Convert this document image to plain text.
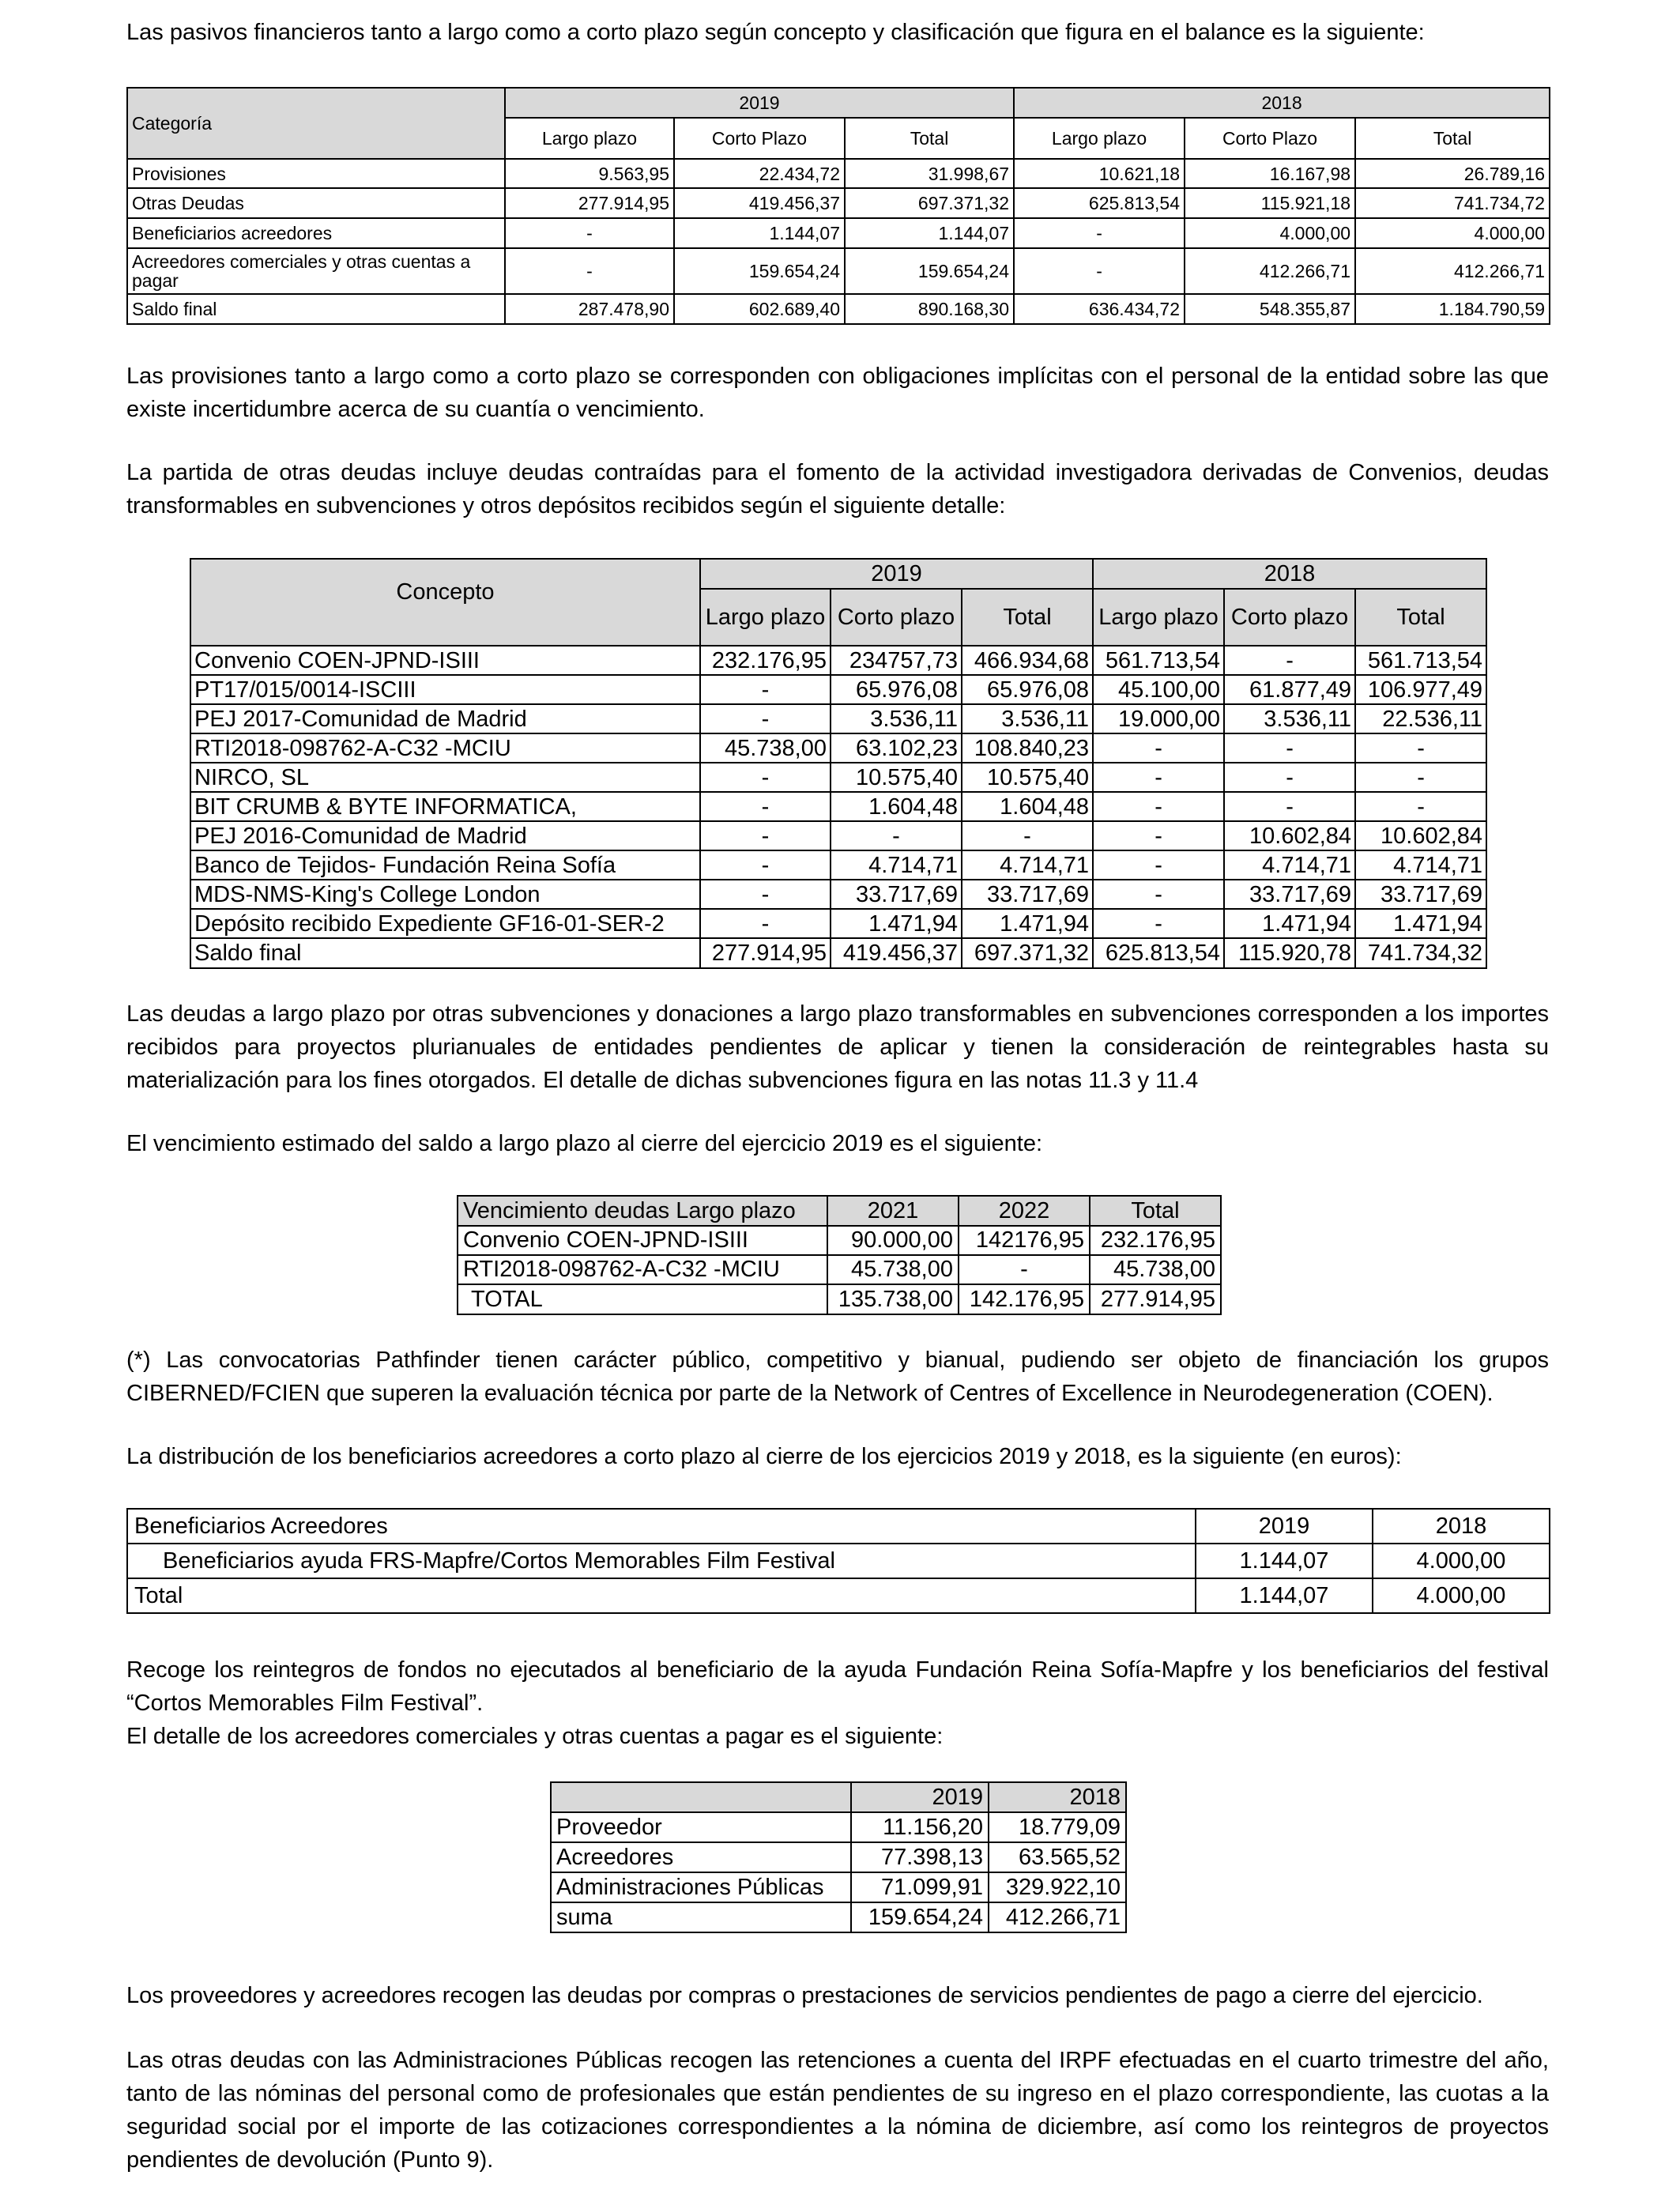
Las pasivos financieros tanto a largo como a corto plazo según concepto y clasificación que figura en el balance es la siguiente:

Categoría	2019			2018		
	Largo plazo	Corto Plazo	Total	Largo plazo	Corto Plazo	Total
Provisiones	9.563,95	22.434,72	31.998,67	10.621,18	16.167,98	26.789,16
Otras Deudas	277.914,95	419.456,37	697.371,32	625.813,54	115.921,18	741.734,72
Beneficiarios acreedores	-	1.144,07	1.144,07	-	4.000,00	4.000,00
Acreedores comerciales y otras cuentas a pagar	-	159.654,24	159.654,24	-	412.266,71	412.266,71
Saldo final	287.478,90	602.689,40	890.168,30	636.434,72	548.355,87	1.184.790,59

Las provisiones tanto a largo como a corto plazo se corresponden con obligaciones implícitas con el personal de la entidad sobre las que existe incertidumbre acerca de su cuantía o vencimiento.

La partida de otras deudas incluye deudas contraídas para el fomento de la actividad investigadora derivadas de Convenios, deudas transformables en subvenciones y otros depósitos recibidos según el siguiente detalle:

Concepto	2019			2018		
	Largo plazo	Corto plazo	Total	Largo plazo	Corto plazo	Total
Convenio COEN-JPND-ISIII	232.176,95	234757,73	466.934,68	561.713,54	-	561.713,54
PT17/015/0014-ISCIII	-	65.976,08	65.976,08	45.100,00	61.877,49	106.977,49
PEJ 2017-Comunidad de Madrid	-	3.536,11	3.536,11	19.000,00	3.536,11	22.536,11
RTI2018-098762-A-C32 -MCIU	45.738,00	63.102,23	108.840,23	-	-	-
NIRCO, SL	-	10.575,40	10.575,40	-	-	-
BIT CRUMB & BYTE INFORMATICA,	-	1.604,48	1.604,48	-	-	-
PEJ 2016-Comunidad de Madrid	-	-	-	-	10.602,84	10.602,84
Banco de Tejidos- Fundación Reina Sofía	-	4.714,71	4.714,71	-	4.714,71	4.714,71
MDS-NMS-King's College London	-	33.717,69	33.717,69	-	33.717,69	33.717,69
Depósito recibido Expediente GF16-01-SER-2	-	1.471,94	1.471,94	-	1.471,94	1.471,94
Saldo final	277.914,95	419.456,37	697.371,32	625.813,54	115.920,78	741.734,32

Las deudas a largo plazo por otras subvenciones y donaciones a largo plazo transformables en subvenciones corresponden a los importes recibidos para proyectos plurianuales de entidades pendientes de aplicar y tienen la consideración de reintegrables hasta su materialización para los fines otorgados. El detalle de dichas subvenciones figura en las notas 11.3 y 11.4

El vencimiento estimado del saldo a largo plazo al cierre del ejercicio 2019 es el siguiente:

Vencimiento deudas Largo plazo	2021	2022	Total
Convenio COEN-JPND-ISIII	90.000,00	142176,95	232.176,95
RTI2018-098762-A-C32 -MCIU	45.738,00	-	45.738,00
TOTAL	135.738,00	142.176,95	277.914,95

(*) Las convocatorias Pathfinder tienen carácter público, competitivo y bianual, pudiendo ser objeto de financiación los grupos CIBERNED/FCIEN que superen la evaluación técnica por parte de la Network of Centres of Excellence in Neurodegeneration (COEN).

La distribución de los beneficiarios acreedores a corto plazo al cierre de los ejercicios 2019 y 2018, es la siguiente (en euros):

Beneficiarios Acreedores	2019	2018
Beneficiarios ayuda FRS-Mapfre/Cortos Memorables Film Festival	1.144,07	4.000,00
Total	1.144,07	4.000,00

Recoge los reintegros de fondos no ejecutados al beneficiario de la ayuda Fundación Reina Sofía-Mapfre y los beneficiarios del festival “Cortos Memorables Film Festival”.

El detalle de los acreedores comerciales y otras cuentas a pagar es el siguiente:

	2019	2018
Proveedor	11.156,20	18.779,09
Acreedores	77.398,13	63.565,52
Administraciones Públicas	71.099,91	329.922,10
suma	159.654,24	412.266,71

Los proveedores y acreedores recogen las deudas por compras o prestaciones de servicios pendientes de pago a cierre del ejercicio.

Las otras deudas con las Administraciones Públicas recogen las retenciones a cuenta del IRPF efectuadas en el cuarto trimestre del año, tanto de las nóminas del personal como de profesionales que están pendientes de su ingreso en el plazo correspondiente, las cuotas a la seguridad social por el importe de las cotizaciones correspondientes a la nómina de diciembre, así como los reintegros de proyectos pendientes de devolución (Punto 9).
